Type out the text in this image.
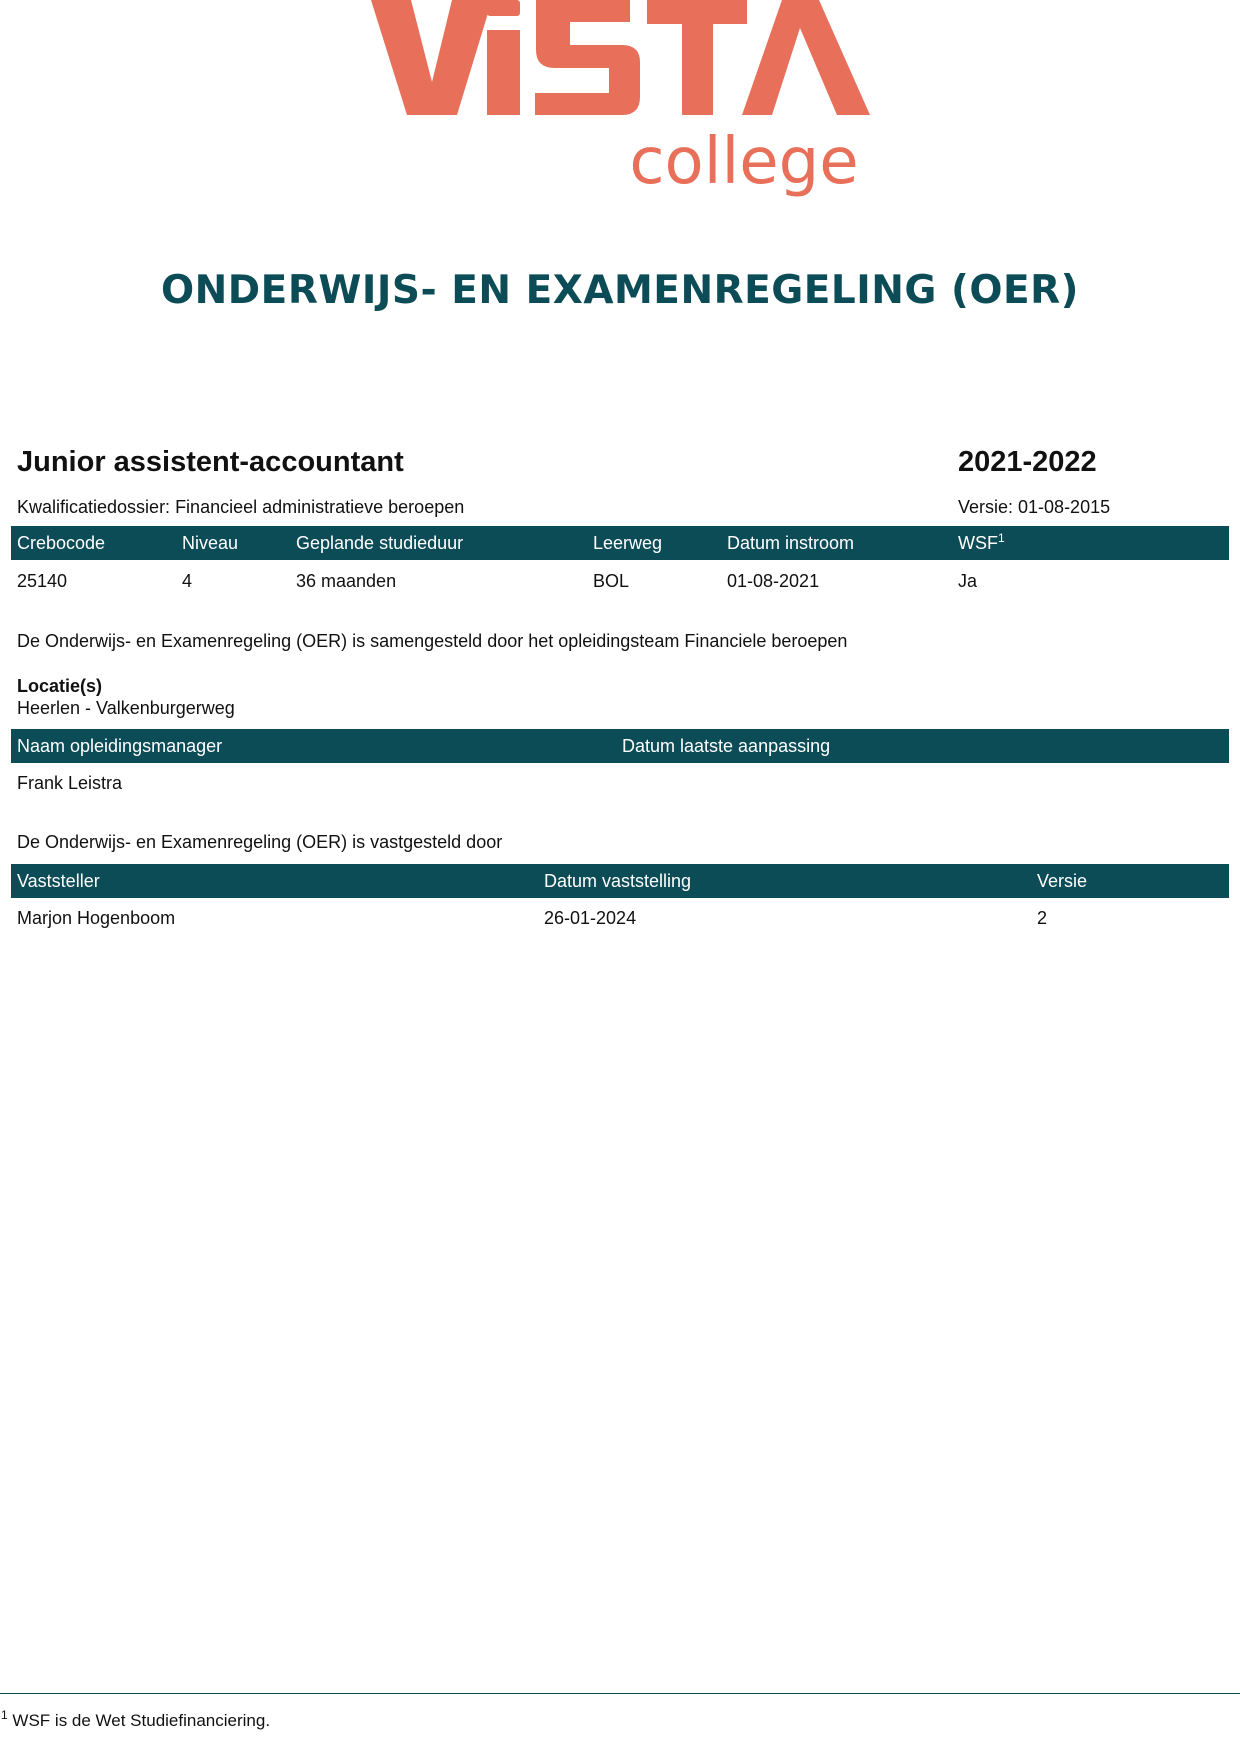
college
ONDERWIJS- EN EXAMENREGELING (OER)
Junior assistent-accountant	2021-2022
Kwalificatiedossier: Financieel administratieve beroepen	Versie: 01-08-2015
Crebocode	Niveau	Geplande studieduur	Leerweg	Datum instroom	WSF$^1$
25140	4	36 maanden	BOL	01-08-2021	Ja
De Onderwijs- en Examenregeling (OER) is samengesteld door het opleidingsteam Financiele beroepen
Locatie(s)
Heerlen - Valkenburgerweg
Naam opleidingsmanager	Datum laatste aanpassing
Frank Leistra
De Onderwijs- en Examenregeling (OER) is vastgesteld door
Vaststeller	Datum vaststelling	Versie
Marjon Hogenboom	26-01-2024	2
$^1$ WSF is de Wet Studiefinanciering.
